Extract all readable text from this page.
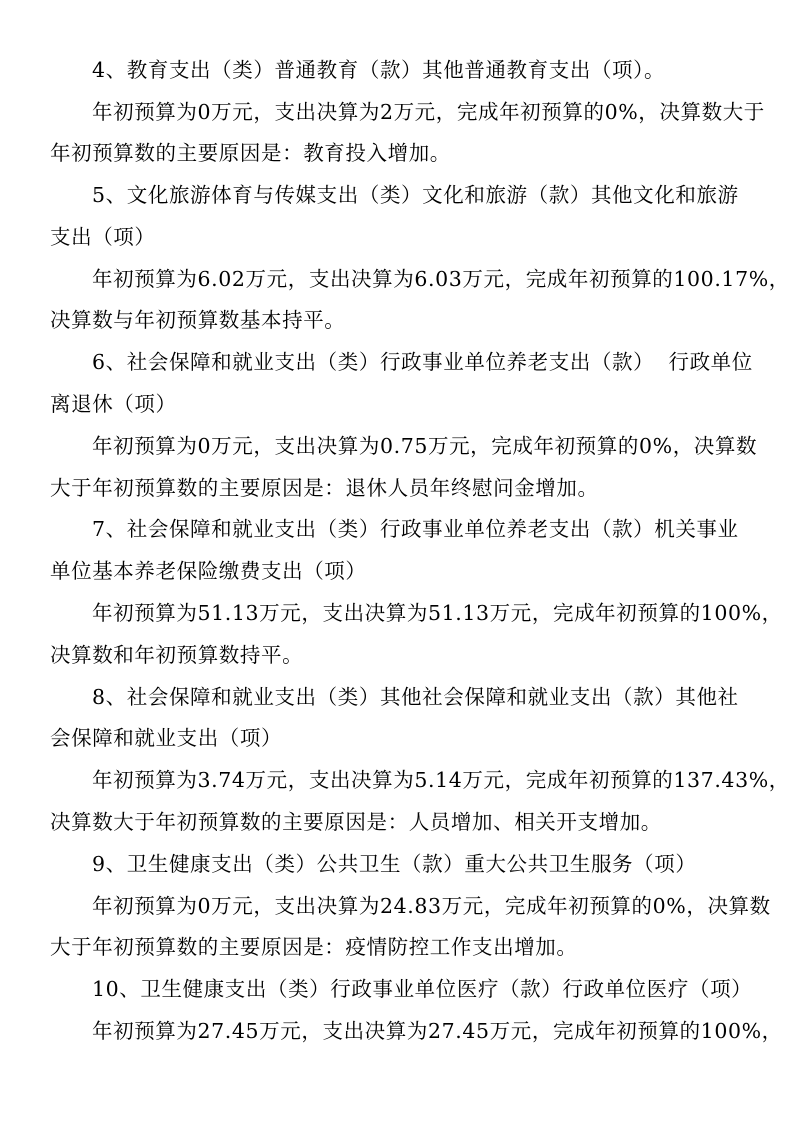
4、教育支出（类）普通教育（款）其他普通教育支出（项）。
年初预算为0万元，支出决算为2万元，完成年初预算的0%，决算数大于
年初预算数的主要原因是：教育投入增加。
5、文化旅游体育与传媒支出（类）文化和旅游（款）其他文化和旅游
支出（项）
年初预算为6.02万元，支出决算为6.03万元，完成年初预算的100.17%，
决算数与年初预算数基本持平。
6、社会保障和就业支出（类）行政事业单位养老支出（款）  行政单位
离退休（项）
年初预算为0万元，支出决算为0.75万元，完成年初预算的0%，决算数
大于年初预算数的主要原因是：退休人员年终慰问金增加。
7、社会保障和就业支出（类）行政事业单位养老支出（款）机关事业
单位基本养老保险缴费支出（项）
年初预算为51.13万元，支出决算为51.13万元，完成年初预算的100%，
决算数和年初预算数持平。
8、社会保障和就业支出（类）其他社会保障和就业支出（款）其他社
会保障和就业支出（项）
年初预算为3.74万元，支出决算为5.14万元，完成年初预算的137.43%，
决算数大于年初预算数的主要原因是：人员增加、相关开支增加。
9、卫生健康支出（类）公共卫生（款）重大公共卫生服务（项）
年初预算为0万元，支出决算为24.83万元，完成年初预算的0%，决算数
大于年初预算数的主要原因是：疫情防控工作支出增加。
10、卫生健康支出（类）行政事业单位医疗（款）行政单位医疗（项）
年初预算为27.45万元，支出决算为27.45万元，完成年初预算的100%，
